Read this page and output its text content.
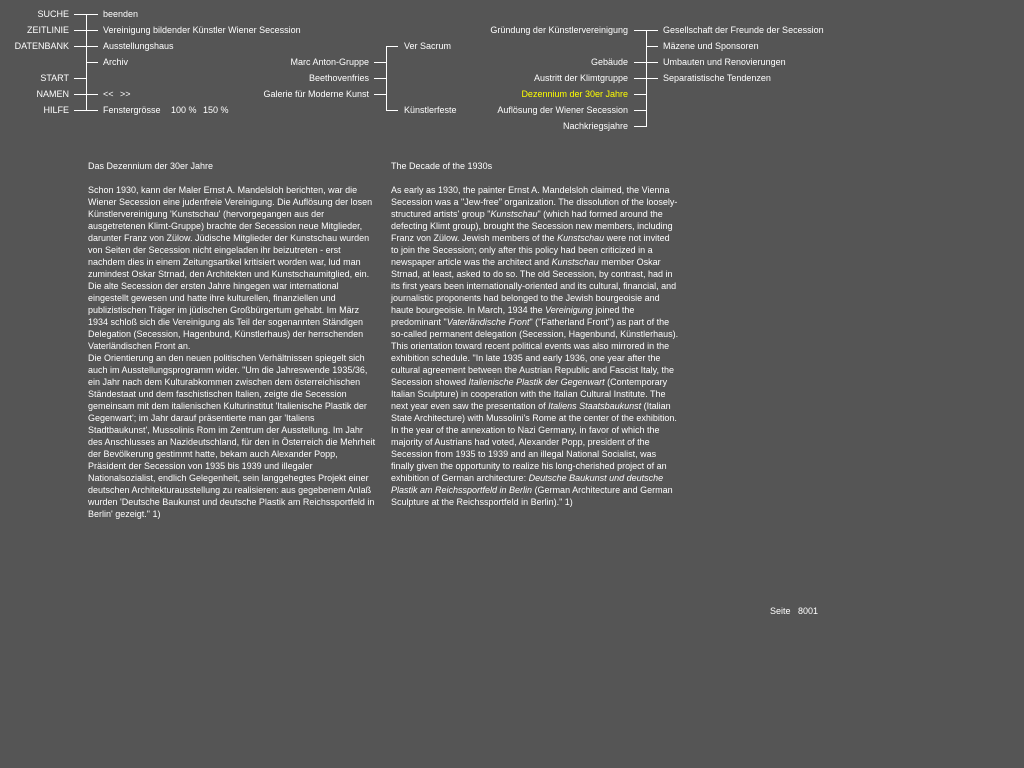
SUCHE
ZEITLINIE
DATENBANK
START
NAMEN
HILFE
beenden
Vereinigung bildender Künstler Wiener Secession
Ausstellungshaus
Archiv
<< >>
Fenstergrösse 100 % 150 %
Marc Anton-Gruppe
Beethovenfries
Galerie für Moderne Kunst
Ver Sacrum
Künstlerfeste
Gründung der Künstlervereinigung
Gebäude
Austritt der Klimtgruppe
Dezennium der 30er Jahre
Auflösung der Wiener Secession
Nachkriegsjahre
Gesellschaft der Freunde der Secession
Mäzene und Sponsoren
Umbauten und Renovierungen
Separatistische Tendenzen
Das Dezennium der 30er Jahre

Schon 1930, kann der Maler Ernst A. Mandelsloh berichten, war die Wiener Secession eine judenfreie Vereinigung. Die Auflösung der losen Künstlervereinigung 'Kunstschau' (hervorgegangen aus der ausgetretenen Klimt-Gruppe) brachte der Secession neue Mitglieder, darunter Franz von Zülow. Jüdische Mitglieder der Kunstschau wurden von Seiten der Secession nicht eingeladen ihr beizutreten - erst nachdem dies in einem Zeitungsartikel kritisiert worden war, lud man zumindest Oskar Strnad, den Architekten und Kunstschaumitglied, ein. Die alte Secession der ersten Jahre hingegen war international eingestellt gewesen und hatte ihre kulturellen, finanziellen und publizistischen Träger im jüdischen Großbürgertum gehabt. Im März 1934 schloß sich die Vereinigung als Teil der sogenannten Ständigen Delegation (Secession, Hagenbund, Künstlerhaus) der herrschenden Vaterländischen Front an.

Die Orientierung an den neuen politischen Verhältnissen spiegelt sich auch im Ausstellungsprogramm wider. "Um die Jahreswende 1935/36, ein Jahr nach dem Kulturabkommen zwischen dem österreichischen Ständestaat und dem faschistischen Italien, zeigte die Secession gemeinsam mit dem italienischen Kulturinstitut 'Italienische Plastik der Gegenwart'; im Jahr darauf präsentierte man gar 'Italiens Stadtbaukunst', Mussolinis Rom im Zentrum der Ausstellung. Im Jahr des Anschlusses an Nazideutschland, für den in Österreich die Mehrheit der Bevölkerung gestimmt hatte, bekam auch Alexander Popp, Präsident der Secession von 1935 bis 1939 und illegaler Nationalsozialist, endlich Gelegenheit, sein langgehegtes Projekt einer deutschen Architekturausstellung zu realisieren: aus gegebenem Anlaß wurden 'Deutsche Baukunst und deutsche Plastik am Reichssportfeld in Berlin' gezeigt." 1)

The Decade of the 1930s

As early as 1930, the painter Ernst A. Mandelsloh claimed, the Vienna Secession was a "Jew-free" organization. The dissolution of the loosely-structured artists' group "Kunstschau" (which had formed around the defecting Klimt group), brought the Secession new members, including Franz von Zülow. Jewish members of the Kunstschau were not invited to join the Secession; only after this policy had been criticized in a newspaper article was the architect and Kunstschau member Oskar Strnad, at least, asked to do so. The old Secession, by contrast, had in its first years been internationally-oriented and its cultural, financial, and journalistic proponents had belonged to the Jewish bourgeoisie and haute bourgeoisie. In March, 1934 the Vereinigung joined the predominant "Vaterländische Front" ("Fatherland Front") as part of the so-called permanent delegation (Secession, Hagenbund, Künstlerhaus). This orientation toward recent political events was also mirrored in the exhibition schedule. "In late 1935 and early 1936, one year after the cultural agreement between the Austrian Republic and Fascist Italy, the Secession showed Italienische Plastik der Gegenwart (Contemporary Italian Sculpture) in cooperation with the Italian Cultural Institute. The next year even saw the presentation of Italiens Staatsbaukunst (Italian State Architecture) with Mussolini's Rome at the center of the exhibition. In the year of the annexation to Nazi Germany, in favor of which the majority of Austrians had voted, Alexander Popp, president of the Secession from 1935 to 1939 and an illegal National Socialist, was finally given the opportunity to realize his long-cherished project of an exhibition of German architecture: Deutsche Baukunst und deutsche Plastik am Reichssportfeld in Berlin (German Architecture and German Sculpture at the Reichssportfeld in Berlin)." 1)

Seite 8001
